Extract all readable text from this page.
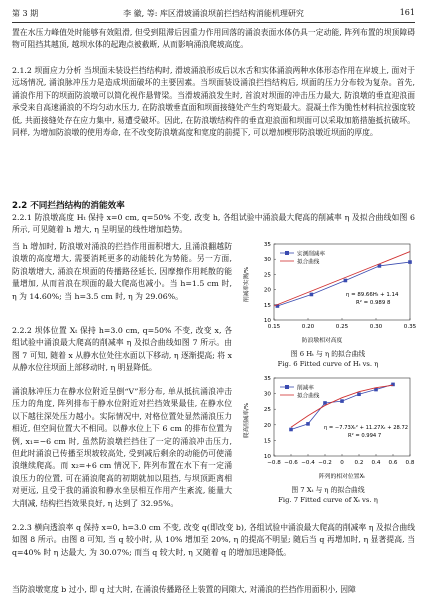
第 3 期	李 徽, 等: 库区滑坡涌浪坝前拦挡结构消能机理研究	161
置在水压力峰值处时能够有效阻滑, 但受到阻滞后因重力作用回落的涌浪表面水体仍具一定动能, 阵列布置的坝顶障碍物可阻挡其越顶, 越坝水体的起跑点被截断, 从而影响涌浪爬坡高度。
2.1.2 坝面应力分析 当坝面未装设拦挡结构时, 滑坡涌浪形成后以水舌和实体涌浪两种水体形态作用在岸坡上, 面对于远场情况, 涌浪脉冲压力是造成坝面破坏的主要因素。当坝面装设涌浪拦挡结构后, 坝面的压力分布较为复杂。首先, 涌浪作用下的坝面防浪墩可以简化视作悬臂梁。当滑坡涌浪发生时, 首浪对坝面的冲击压力最大, 防浪墩的垂直迎浪面承受来自高速涌浪的不均匀动水压力, 在防浪墩垂直面和坝面接缝处产生约弯矩最大。混凝土作为脆性材料抗拉强度较低, 共面接缝处存在应力集中, 易遭受破坏。因此, 在防浪墩结构件的垂直迎浪面和坝面可以采取加筋措施抵抗破坏。同样, 为增加防浪墩的使用寿命, 在不改变防浪墩高度和宽度的前提下, 可以增加楔形防浪墩近坝面的厚度。
2.2 不同拦挡结构的消能效率
2.2.1 防浪墩高度 Hₜ 保持 x=0 cm, q=50% 不变, 改变 h, 各组试验中涌浪最大爬高的削减率 η 及拟合曲线如图 6 所示, 可见随着 h 增大, η 呈明显的线性增加趋势。
当 h 增加时, 防浪墩对涌浪的拦挡作用面积增大, 且涌浪翻越防浪墩的高度增大, 需要消耗更多的动能转化为势能。另一方面, 防浪墩增大, 涌浪在坝面的传播路径延长, 因摩擦作用耗散的能量增加, 从而首浪在坝面的最大爬高也减小。当 h=1.5 cm 时, η 为 14.60%; 当 h=3.5 cm 时, η 为 29.06%。
2.2.2 坝体位置 Xₜ 保持 h=3.0 cm, q=50% 不变, 改变 x, 各组试验中涌浪最大爬高的削减率 η 及拟合曲线如图 7 所示。由图 7 可知, 随着 x 从静水位处往水面以下移动, η 逐渐提高; 将 x 从静水位往坝面上部移动时, η 明显降低。
涌浪脉冲压力在静水位附近呈倒“V”形分布, 单从抵抗涌浪冲击压力的角度, 阵列排布于静水位附近对拦挡效果最佳, 在静水位以下越往深处压力越小。实际情况中, 对格位置处显然涌浪压力相近, 但空间位置大不相同。以静水位上下 6 cm 的排布位置为例, x₁=−6 cm 时, 虽然防浪墩拦挡住了一定的涌浪冲击压力, 但此时涌浪已传播至坝坡较高处, 受到减后剩余的动能仍可使涌浪继续爬高。而 x₂=+6 cm 情况下, 阵列布置在水下有一定涌浪压力的位置, 可在涌浪爬高的初期就加以阻挡, 与坝顶距离相对更远, 且受于我的涌浪和静水坐层相互作用产生紊流, 能量大大削减, 结构拦挡效果良好, η 达到了 32.95%。
0.15	0.20	0.25	0.30	0.35
10
15
20
25
30
35
实测削减率
拟合曲线
η = 89.66Hₜ + 1.14
R² = 0.989 8
削减率实测/%
防浪墩相对高度
图 6 Hₜ 与 η 的拟合曲线
Fig. 6 Fitted curve of Hₜ vs. η
−0.8 −0.6 −0.4 −0.2 0 0.2 0.4 0.6 0.8
10
15
20
25
30
35
削减率
拟合曲线
η = −7.73Xₜ² + 11.27Xₜ + 28.72
R² = 0.994 7
爬高削减率/%
阵列的相对位置Xₜ
图 7 Xₜ 与 η 的拟合曲线
Fig. 7 Fitted curve of Xₜ vs. η
2.2.3 横向透浪率 q 保持 x=0, h=3.0 cm 不变, 改变 q(即改变 b), 各组试验中涌浪最大爬高的削减率 η 及拟合曲线如图 8 所示。由图 8 可知, 当 q 较小时, 从 10% 增加至 20%, η 的提高不明显; 随后当 q 再增加时, η 显著提高, 当 q=40% 时 η 达最大, 为 30.07%; 而当 q 较大时, η 又随着 q 的增加迅速降低。
当防浪墩宽度 b 过小, 即 q 过大时, 在涌浪传播路径上装置的同隙大, 对涌浪的拦挡作用面积小, 因障
